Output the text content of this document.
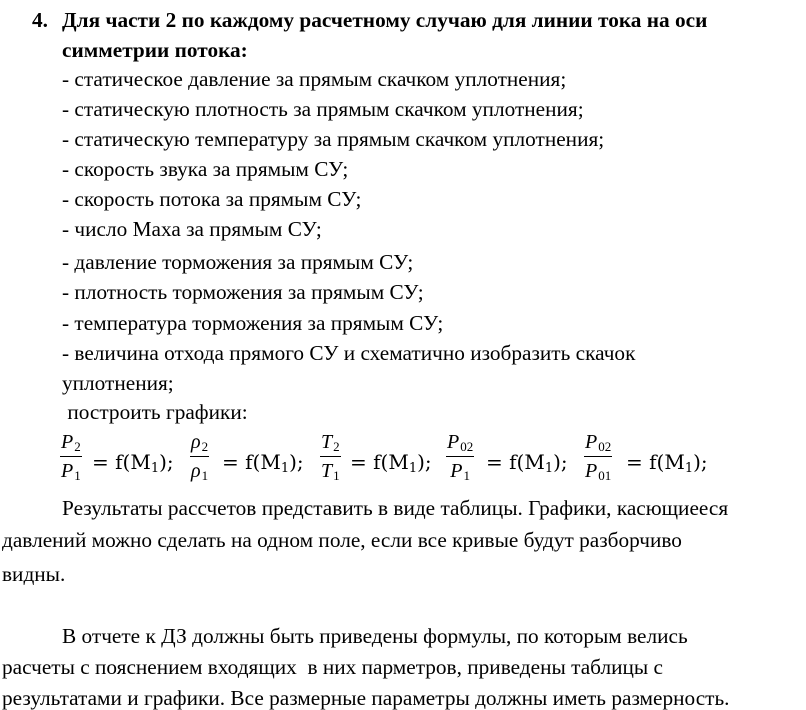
4. Для части 2 по каждому расчетному случаю для линии тока на оси
симметрии потока:
- статическое давление за прямым скачком уплотнения;
- статическую плотность за прямым скачком уплотнения;
- статическую температуру за прямым скачком уплотнения;
- скорость звука за прямым СУ;
- скорость потока за прямым СУ;
- число Маха за прямым СУ;
- давление торможения за прямым СУ;
- плотность торможения за прямым СУ;
- температура торможения за прямым СУ;
- величина отхода прямого СУ и схематично изобразить скачок
уплотнения;
построить графики:
$P_2$
$P_1$
= $f(M_1)$;
$\rho_2$
$\rho_1$
= $f(M_1)$;
$T_2$
$T_1$
= $f(M_1)$;
$P_{02}$
$P_1$
= $f(M_1)$;
$P_{02}$
$P_{01}$
= $f(M_1)$;
Результаты рассчетов представить в виде таблицы. Графики, касющиееся
давлений можно сделать на одном поле, если все кривые будут разборчиво
видны.
В отчете к ДЗ должны быть приведены формулы, по которым велись
расчеты с пояснением входящих  в них парметров, приведены таблицы с
результатами и графики. Все размерные параметры должны иметь размерность.
